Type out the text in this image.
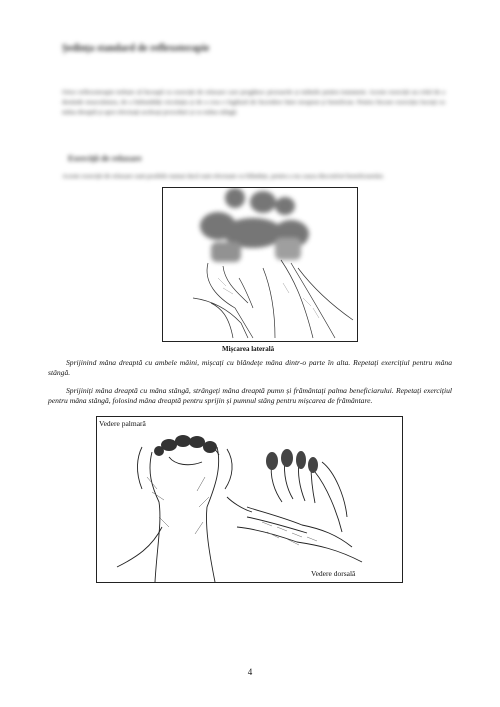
Ședința standard de reflexoterapie
Orice reflexoterapie trebuie să înceapă cu exerciții de relaxare care pregătesc picioarele și mâinile pentru tratament. Aceste exerciții au rolul de a destinde musculatura, de a îmbunătăți circulația și de a crea o legătură de încredere între terapeut și beneficiar. Pentru fiecare exercițiu lucrați cu mâna dreaptă și apoi efectuați aceleași proceduri și cu mâna stângă.
Exerciții de relaxare
Aceste exerciții de relaxare sunt posibile numai dacă sunt efectuate cu blândețe, pentru a nu cauza disconfort beneficiarului.
Mișcarea laterală
Sprijinind mâna dreaptă cu ambele mâini, mișcați cu blândețe mâna dintr-o parte în alta. Repetați exercițiul pentru mâna stângă.
Sprijiniți mâna dreaptă cu mâna stângă, strângeți mâna dreaptă pumn și frământați palma beneficiarului. Repetați exercițiul pentru mâna stângă, folosind mâna dreaptă pentru sprijin și pumnul stâng pentru mișcarea de frământare.
Vedere palmară
Vedere dorsală
4
